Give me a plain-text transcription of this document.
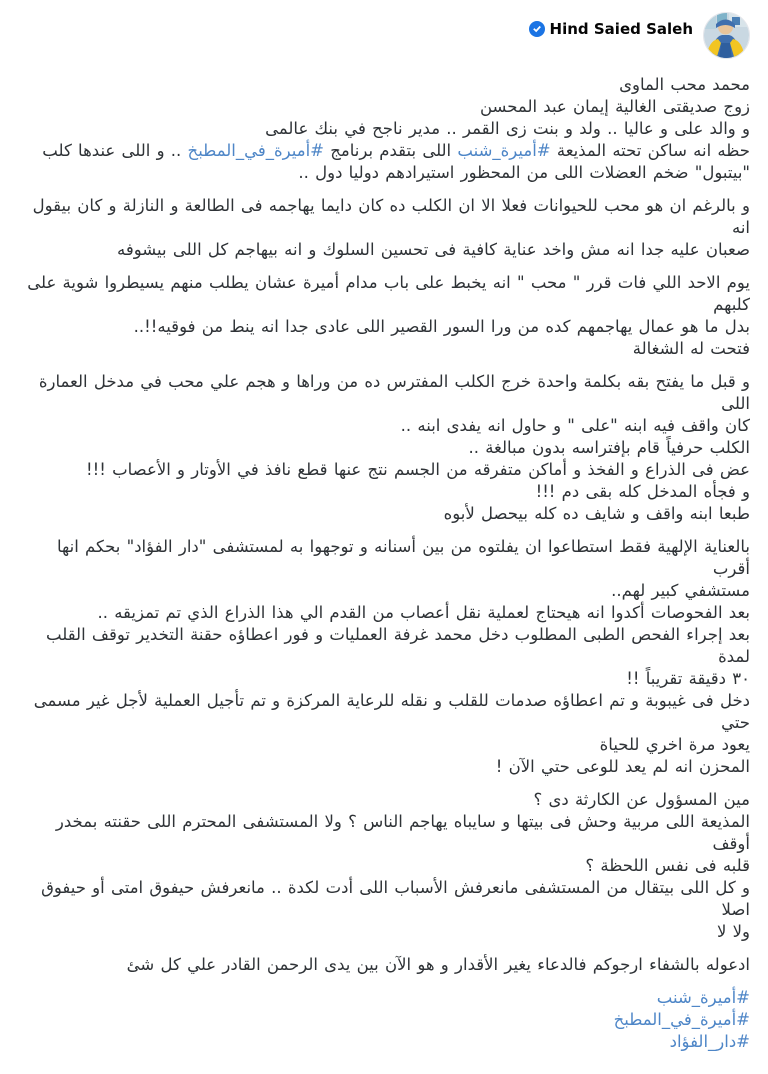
Hind Saied Saleh
محمد محب الماوى
زوج صديقتى الغالية إيمان عبد المحسن
و والد على و عاليا .. ولد و بنت زى القمر .. مدير ناجح في بنك عالمى
حظه انه ساكن تحته المذيعة #أميرة_شنب اللى بتقدم برنامج #أميرة_في_المطبخ .. و اللى عندها كلب
"بيتبول" ضخم العضلات اللى من المحظور استيرادهم دوليا دول ..
و بالرغم ان هو محب للحيوانات فعلا الا ان الكلب ده كان دايما يهاجمه فى الطالعة و النازلة و كان بيقول انه
صعبان عليه جدا انه مش واخد عناية كافية فى تحسين السلوك و انه بيهاجم كل اللى بيشوفه
يوم الاحد اللي فات قرر " محب " انه يخبط على باب مدام أميرة عشان يطلب منهم يسيطروا شوية على كلبهم
بدل ما هو عمال يهاجمهم كده من ورا السور القصير اللى عادى جدا انه ينط من فوقيه!!..
فتحت له الشغالة
و قبل ما يفتح بقه بكلمة واحدة خرج الكلب المفترس ده من وراها و هجم علي محب في مدخل العمارة اللى
كان واقف فيه ابنه "على " و حاول انه يفدى ابنه ..
الكلب حرفياً قام بإفتراسه بدون مبالغة ..
عض فى الذراع و الفخذ و أماكن متفرقه من الجسم نتج عنها قطع نافذ في الأوتار و الأعصاب !!!
و فجأه المدخل كله بقى دم !!!
طبعا ابنه واقف و شايف ده كله بيحصل لأبوه
بالعناية الإلهية فقط استطاعوا ان يفلتوه من بين أسنانه و توجهوا به لمستشفى "دار الفؤاد" بحكم انها أقرب
مستشفي كبير لهم..
بعد الفحوصات أكدوا انه هيحتاج لعملية نقل أعصاب من القدم الي هذا الذراع الذي تم تمزيقه ..
بعد إجراء الفحص الطبى المطلوب دخل محمد غرفة العمليات و فور اعطاؤه حقنة التخدير توقف القلب لمدة
٣٠ دقيقة تقريباً !!
دخل فى غيبوبة و تم اعطاؤه صدمات للقلب و نقله للرعاية المركزة و تم تأجيل العملية لأجل غير مسمى حتي
يعود مرة اخري للحياة
المحزن انه لم يعد للوعى حتي الآن !
مين المسؤول عن الكارثة دى ؟
المذيعة اللى مربية وحش فى بيتها و سايباه يهاجم الناس ؟ ولا المستشفى المحترم اللى حقنته بمخدر أوقف
قلبه فى نفس اللحظة ؟
و كل اللى بيتقال من المستشفى مانعرفش الأسباب اللى أدت لكدة .. مانعرفش حيفوق امتى أو حيفوق اصلا
ولا لا
ادعوله بالشفاء ارجوكم فالدعاء يغير الأقدار و هو الآن بين يدى الرحمن القادر علي كل شئ
#أميرة_شنب
#أميرة_في_المطبخ
#دار_الفؤاد
